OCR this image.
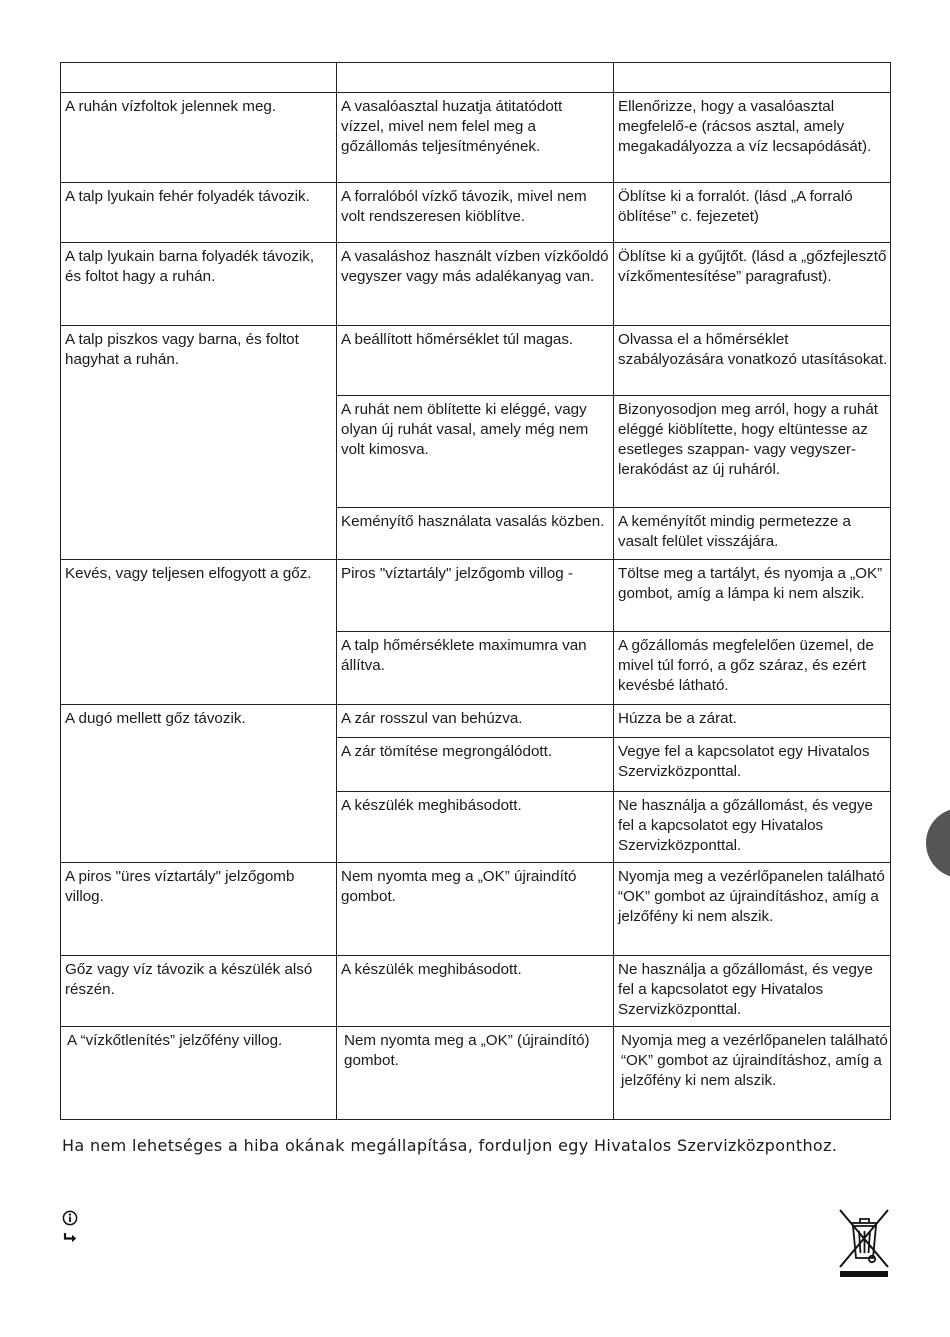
A ruhán vízfoltok jelennek meg.	A vasalóasztal huzatja átitatódott vízzel, mivel nem felel meg a gőzállomás teljesítményének.	Ellenőrizze, hogy a vasalóasztal megfelelő-e (rácsos asztal, amely megakadályozza a víz lecsapódását).

A talp lyukain fehér folyadék távozik.	A forralóból vízkő távozik, mivel nem volt rendszeresen kiöblítve.	Öblítse ki a forralót. (lásd „A forraló öblítése” c. fejezetet)

A talp lyukain barna folyadék távozik, és foltot hagy a ruhán.	A vasaláshoz használt vízben vízkőoldó vegyszer vagy más adalékanyag van.	Öblítse ki a gyűjtőt. (lásd a „gőzfejlesztő vízkőmentesítése” paragrafust).

A talp piszkos vagy barna, és foltot hagyhat a ruhán.	A beállított hőmérséklet túl magas.	Olvassa el a hőmérséklet szabályozására vonatkozó utasításokat.

	A ruhát nem öblítette ki eléggé, vagy olyan új ruhát vasal, amely még nem volt kimosva.	Bizonyosodjon meg arról, hogy a ruhát eléggé kiöblítette, hogy eltüntesse az esetleges szappan- vagy vegyszer-lerakódást az új ruháról.

	Keményítő használata vasalás közben.	A keményítőt mindig permetezze a vasalt felület visszájára.

Kevés, vagy teljesen elfogyott a gőz.	Piros "víztartály" jelzőgomb villog -	Töltse meg a tartályt, és nyomja a „OK” gombot, amíg a lámpa ki nem alszik.

	A talp hőmérséklete maximumra van állítva.	A gőzállomás megfelelően üzemel, de mivel túl forró, a gőz száraz, és ezért kevésbé látható.

A dugó mellett gőz távozik.	A zár rosszul van behúzva.	Húzza be a zárat.

	A zár tömítése megrongálódott.	Vegye fel a kapcsolatot egy Hivatalos Szervizközponttal.

	A készülék meghibásodott.	Ne használja a gőzállomást, és vegye fel a kapcsolatot egy Hivatalos Szervizközponttal.

A piros "üres víztartály" jelzőgomb villog.	Nem nyomta meg a „OK” újraindító gombot.	Nyomja meg a vezérlőpanelen található “OK” gombot az újraindításhoz, amíg a jelzőfény ki nem alszik.

Gőz vagy víz távozik a készülék alsó részén.	A készülék meghibásodott.	Ne használja a gőzállomást, és vegye fel a kapcsolatot egy Hivatalos Szervizközponttal.

A “vízkőtlenítés” jelzőfény villog.	Nem nyomta meg a „OK” (újraindító) gombot.	Nyomja meg a vezérlőpanelen található “OK” gombot az újraindításhoz, amíg a jelzőfény ki nem alszik.
Ha nem lehetséges a hiba okának megállapítása, forduljon egy Hivatalos Szervizközponthoz.
